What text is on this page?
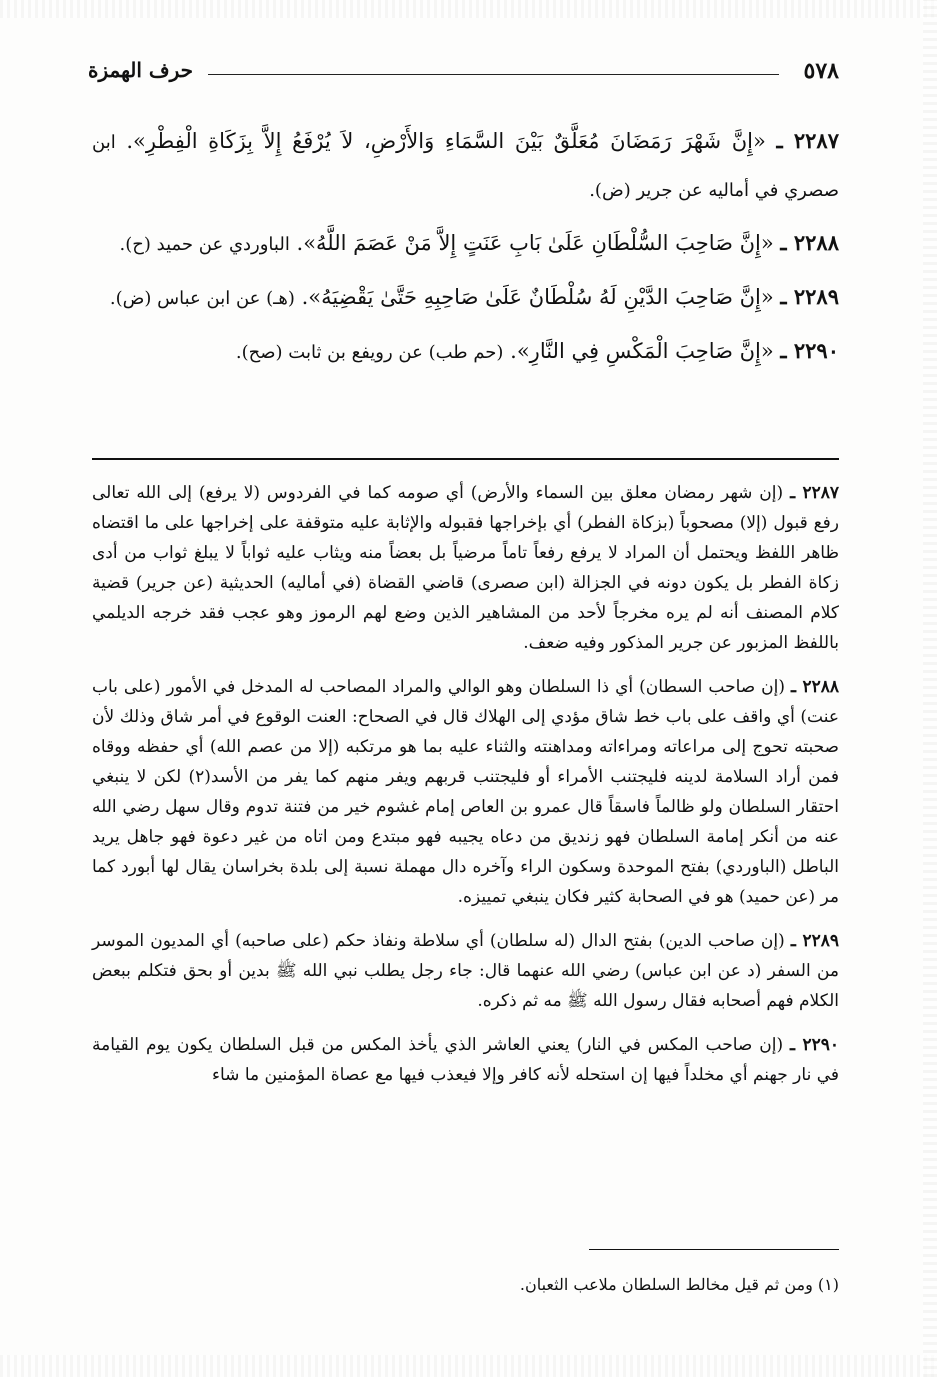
٥٧٨
حرف الهمزة

٢٢٨٧ ـ «إِنَّ شَهْرَ رَمَضَانَ مُعَلَّقٌ بَيْنَ السَّمَاءِ وَالأَرْضِ، لاَ يُرْفَعُ إِلاَّ بِزَكَاةِ الْفِطْرِ». ابن صصري في أماليه عن جرير (ض).

٢٢٨٨ ـ «إِنَّ صَاحِبَ السُّلْطَانِ عَلَىٰ بَابِ عَنَتٍ إِلاَّ مَنْ عَصَمَ اللَّهُ». الباوردي عن حميد (ح).

٢٢٨٩ ـ «إِنَّ صَاحِبَ الدَّيْنِ لَهُ سُلْطَانٌ عَلَىٰ صَاحِبِهِ حَتَّىٰ يَقْضِيَهُ». (هـ) عن ابن عباس (ض).

٢٢٩٠ ـ «إِنَّ صَاحِبَ الْمَكْسِ فِي النَّارِ». (حم طب) عن رويفع بن ثابت (صح).

٢٢٨٧ ـ (إن شهر رمضان معلق بين السماء والأرض) أي صومه كما في الفردوس (لا يرفع) إلى الله تعالى رفع قبول (إلا) مصحوباً (بزكاة الفطر) أي بإخراجها فقبوله والإثابة عليه متوقفة على إخراجها على ما اقتضاه ظاهر اللفظ ويحتمل أن المراد لا يرفع رفعاً تاماً مرضياً بل بعضاً منه ويثاب عليه ثواباً لا يبلغ ثواب من أدى زكاة الفطر بل يكون دونه في الجزالة (ابن صصرى) قاضي القضاة (في أماليه) الحديثية (عن جرير) قضية كلام المصنف أنه لم يره مخرجاً لأحد من المشاهير الذين وضع لهم الرموز وهو عجب فقد خرجه الديلمي باللفظ المزبور عن جرير المذكور وفيه ضعف.

٢٢٨٨ ـ (إن صاحب السطان) أي ذا السلطان وهو الوالي والمراد المصاحب له المدخل في الأمور (على باب عنت) أي واقف على باب خط شاق مؤدي إلى الهلاك قال في الصحاح: العنت الوقوع في أمر شاق وذلك لأن صحبته تحوج إلى مراعاته ومراءاته ومداهنته والثناء عليه بما هو مرتكبه (إلا من عصم الله) أي حفظه ووقاه فمن أراد السلامة لدينه فليجتنب الأمراء أو فليجتنب قربهم ويفر منهم كما يفر من الأسد(٢) لكن لا ينبغي احتقار السلطان ولو ظالماً فاسقاً قال عمرو بن العاص إمام غشوم خير من فتنة تدوم وقال سهل رضي الله عنه من أنكر إمامة السلطان فهو زنديق من دعاه يجيبه فهو مبتدع ومن اتاه من غير دعوة فهو جاهل يريد الباطل (الباوردي) بفتح الموحدة وسكون الراء وآخره دال مهملة نسبة إلى بلدة بخراسان يقال لها أبورد كما مر (عن حميد) هو في الصحابة كثير فكان ينبغي تمييزه.

٢٢٨٩ ـ (إن صاحب الدين) بفتح الدال (له سلطان) أي سلاطة ونفاذ حكم (على صاحبه) أي المديون الموسر من السفر (د عن ابن عباس) رضي الله عنهما قال: جاء رجل يطلب نبي الله ﷺ بدين أو بحق فتكلم ببعض الكلام فهم أصحابه فقال رسول الله ﷺ مه ثم ذكره.

٢٢٩٠ ـ (إن صاحب المكس في النار) يعني العاشر الذي يأخذ المكس من قبل السلطان يكون يوم القيامة في نار جهنم أي مخلداً فيها إن استحله لأنه كافر وإلا فيعذب فيها مع عصاة المؤمنين ما شاء

(١) ومن ثم قيل مخالط السلطان ملاعب الثعبان.
